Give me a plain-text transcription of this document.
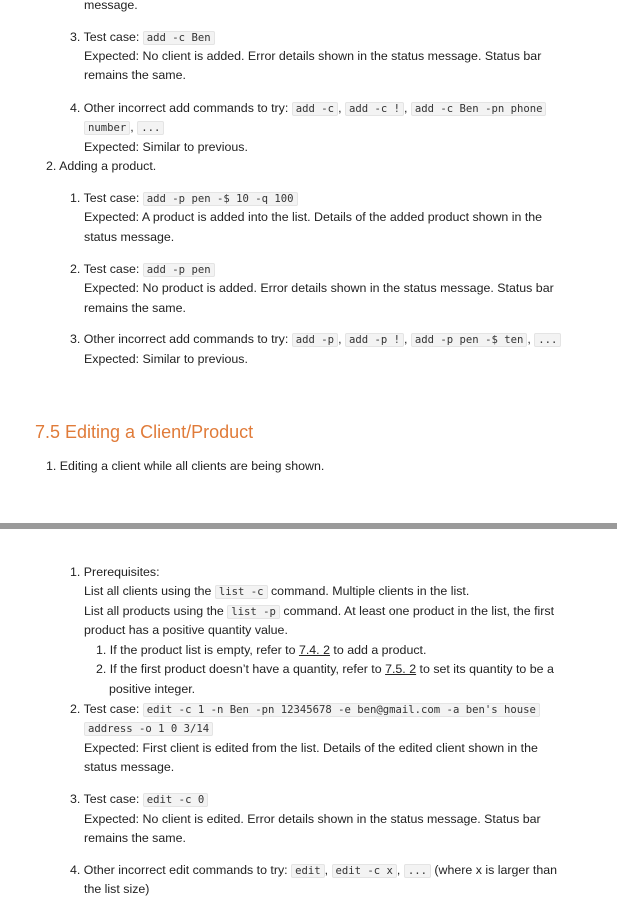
message.
3. Test case: add -c Ben
Expected: No client is added. Error details shown in the status message. Status bar
remains the same.
4. Other incorrect add commands to try: add -c , add -c ! , add -c Ben -pn phone
number , ...
Expected: Similar to previous.
2. Adding a product.
1. Test case: add -p pen -$ 10 -q 100
Expected: A product is added into the list. Details of the added product shown in the
status message.
2. Test case: add -p pen
Expected: No product is added. Error details shown in the status message. Status bar
remains the same.
3. Other incorrect add commands to try: add -p , add -p ! , add -p pen -$ ten , ...
Expected: Similar to previous.
7.5 Editing a Client/Product
1. Editing a client while all clients are being shown.
1. Prerequisites:
List all clients using the list -c command. Multiple clients in the list.
List all products using the list -p command. At least one product in the list, the first
product has a positive quantity value.
1. If the product list is empty, refer to 7.4. 2 to add a product.
2. If the first product doesn’t have a quantity, refer to 7.5. 2 to set its quantity to be a
positive integer.
2. Test case: edit -c 1 -n Ben -pn 12345678 -e ben@gmail.com -a ben's house
address -o 1 0 3/14
Expected: First client is edited from the list. Details of the edited client shown in the
status message.
3. Test case: edit -c 0
Expected: No client is edited. Error details shown in the status message. Status bar
remains the same.
4. Other incorrect edit commands to try: edit , edit -c x , ... (where x is larger than
the list size)
